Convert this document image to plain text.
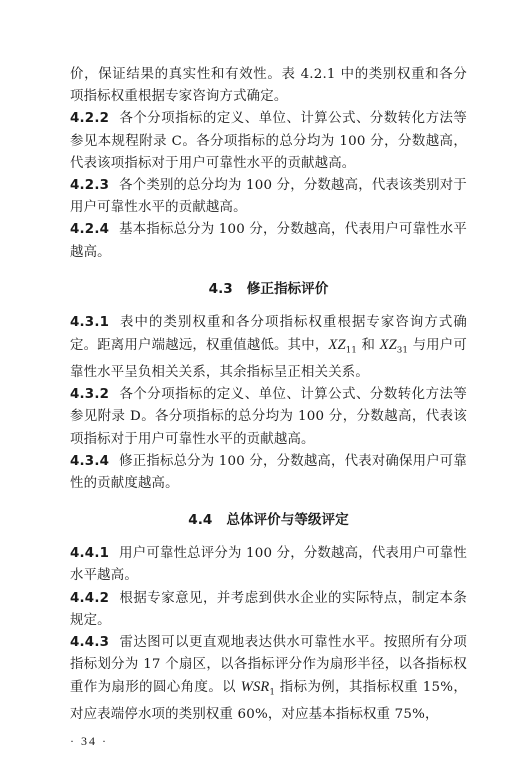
价，保证结果的真实性和有效性。表 4.2.1 中的类别权重和各分项指标权重根据专家咨询方式确定。

4.2.2 各个分项指标的定义、单位、计算公式、分数转化方法等参见本规程附录 C。各分项指标的总分均为 100 分，分数越高，代表该项指标对于用户可靠性水平的贡献越高。

4.2.3 各个类别的总分均为 100 分，分数越高，代表该类别对于用户可靠性水平的贡献越高。

4.2.4 基本指标总分为 100 分，分数越高，代表用户可靠性水平越高。

4.3 修正指标评价

4.3.1 表中的类别权重和各分项指标权重根据专家咨询方式确定。距离用户端越远，权重值越低。其中，$XZ_{11}$ 和 $XZ_{31}$ 与用户可靠性水平呈负相关关系，其余指标呈正相关关系。

4.3.2 各个分项指标的定义、单位、计算公式、分数转化方法等参见附录 D。各分项指标的总分均为 100 分，分数越高，代表该项指标对于用户可靠性水平的贡献越高。

4.3.4 修正指标总分为 100 分，分数越高，代表对确保用户可靠性的贡献度越高。

4.4 总体评价与等级评定

4.4.1 用户可靠性总评分为 100 分，分数越高，代表用户可靠性水平越高。

4.4.2 根据专家意见，并考虑到供水企业的实际特点，制定本条规定。

4.4.3 雷达图可以更直观地表达供水可靠性水平。按照所有分项指标划分为 17 个扇区，以各指标评分作为扇形半径，以各指标权重作为扇形的圆心角度。以 $WSR_1$ 指标为例，其指标权重 15%，对应表端停水项的类别权重 60%，对应基本指标权重 75%，

· 34 ·
